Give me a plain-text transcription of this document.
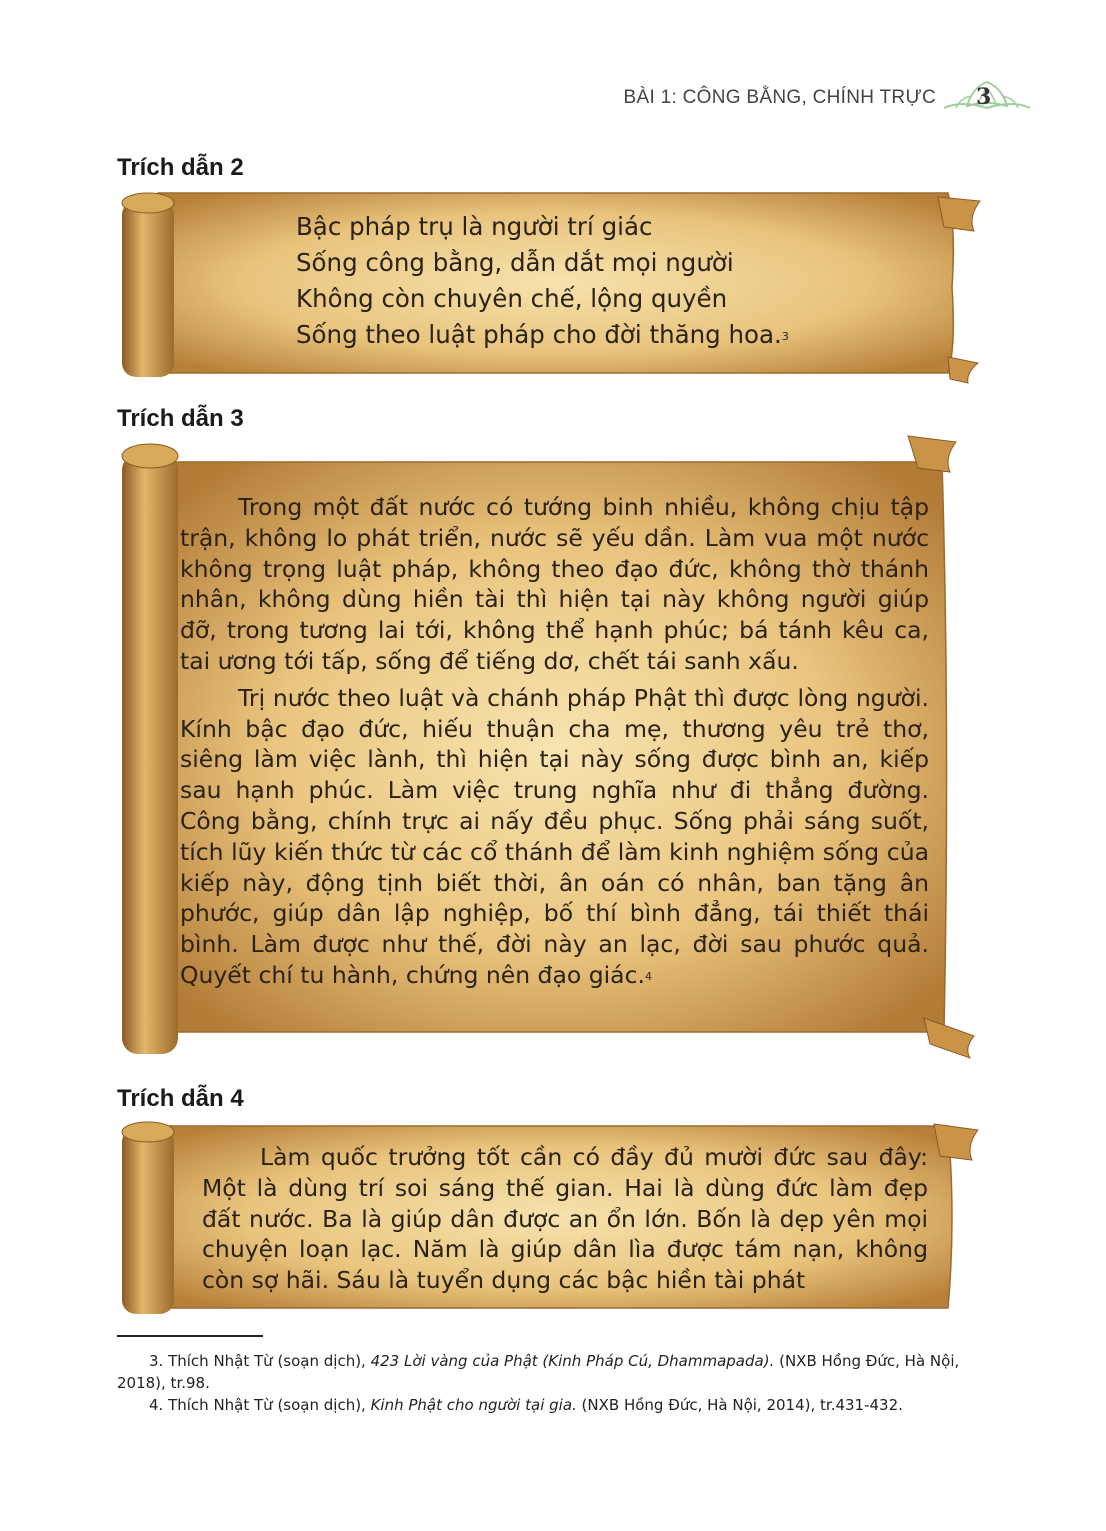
BÀI 1: CÔNG BẰNG, CHÍNH TRỰC 3
Trích dẫn 2
Bậc pháp trụ là người trí giác
Sống công bằng, dẫn dắt mọi người
Không còn chuyên chế, lộng quyền
Sống theo luật pháp cho đời thăng hoa.$^3$
Trích dẫn 3

Trong một đất nước có tướng binh nhiều, không chịu tập trận, không lo phát triển, nước sẽ yếu dần. Làm vua một nước không trọng luật pháp, không theo đạo đức, không thờ thánh nhân, không dùng hiền tài thì hiện tại này không người giúp đỡ, trong tương lai tới, không thể hạnh phúc; bá tánh kêu ca, tai ương tới tấp, sống để tiếng dơ, chết tái sanh xấu.

Trị nước theo luật và chánh pháp Phật thì được lòng người. Kính bậc đạo đức, hiếu thuận cha mẹ, thương yêu trẻ thơ, siêng làm việc lành, thì hiện tại này sống được bình an, kiếp sau hạnh phúc. Làm việc trung nghĩa như đi thẳng đường. Công bằng, chính trực ai nấy đều phục. Sống phải sáng suốt, tích lũy kiến thức từ các cổ thánh để làm kinh nghiệm sống của kiếp này, động tịnh biết thời, ân oán có nhân, ban tặng ân phước, giúp dân lập nghiệp, bố thí bình đẳng, tái thiết thái bình. Làm được như thế, đời này an lạc, đời sau phước quả. Quyết chí tu hành, chứng nên đạo giác.$^4$

Trích dẫn 4

Làm quốc trưởng tốt cần có đầy đủ mười đức sau đây: Một là dùng trí soi sáng thế gian. Hai là dùng đức làm đẹp đất nước. Ba là giúp dân được an ổn lớn. Bốn là dẹp yên mọi chuyện loạn lạc. Năm là giúp dân lìa được tám nạn, không còn sợ hãi. Sáu là tuyển dụng các bậc hiền tài phát

3. Thích Nhật Từ (soạn dịch), 423 Lời vàng của Phật (Kinh Pháp Cú, Dhammapada). (NXB Hồng Đức, Hà Nội, 2018), tr.98.

4. Thích Nhật Từ (soạn dịch), Kinh Phật cho người tại gia. (NXB Hồng Đức, Hà Nội, 2014), tr.431-432.
